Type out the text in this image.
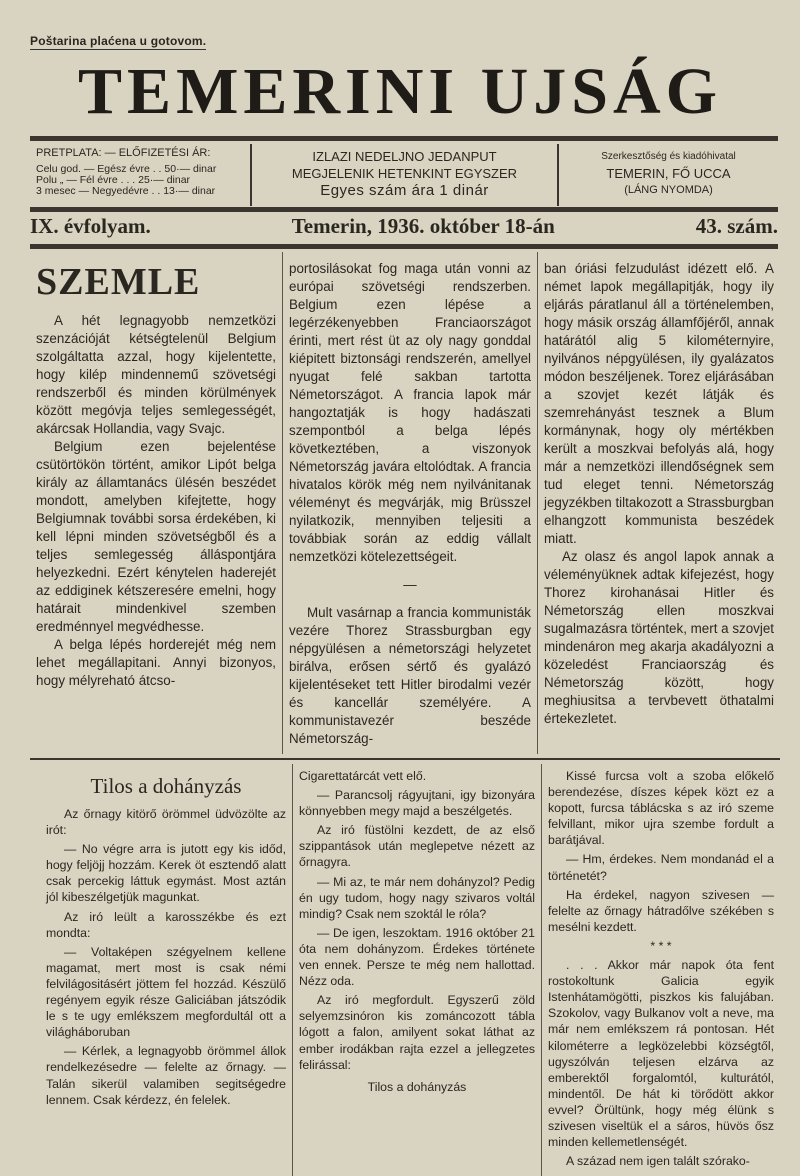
Poštarina plaćena u gotovom.
TEMERINI UJSÁG
PRETPLATA: — ELŐFIZETÉSI ÁR:
Celu god. — Egész évre . . 50·— dinar
Polu „ — Fél évre . . . 25·— dinar
3 mesec — Negyedévre . . 13·— dinar
IZLAZI NEDELJNO JEDANPUT
MEGJELENIK HETENKINT EGYSZER
Egyes szám ára 1 dinár
Szerkesztőség és kiadóhivatal
TEMERIN, FŐ UCCA
(LÁNG NYOMDA)
IX. évfolyam.	Temerin, 1936. október 18-án	43. szám.
SZEMLE

A hét legnagyobb nemzetközi szenzációját kétségtelenül Belgium szolgáltatta azzal, hogy kijelentette, hogy kilép mindennemű szövetségi rendszerből és minden körülmények között megóvja teljes semlegességét, akárcsak Hollandia, vagy Svajc.

Belgium ezen bejelentése csütörtökön történt, amikor Lipót belga király az államtanács ülésén beszédet mondott, amelyben kifejtette, hogy Belgiumnak további sorsa érdekében, ki kell lépni minden szövetségből és a teljes semlegesség álláspontjára helyezkedni. Ezért kénytelen haderejét az eddiginek kétszeresére emelni, hogy határait mindenkivel szemben eredménnyel megvédhesse.

A belga lépés horderejét még nem lehet megállapitani. Annyi bizonyos, hogy mélyreható átcso-

portosilásokat fog maga után vonni az európai szövetségi rendszerben. Belgium ezen lépése a legérzékenyebben Franciaországot érinti, mert rést üt az oly nagy gonddal kiépitett biztonsági rendszerén, amellyel nyugat felé sakban tartotta Németországot. A francia lapok már hangoztatják is hogy hadászati szempontból a belga lépés következtében, a viszonyok Németország javára eltolódtak. A francia hivatalos körök még nem nyilvánitanak véleményt és megvárják, mig Brüsszel nyilatkozik, mennyiben teljesiti a továbbiak során az eddig vállalt nemzetközi kötelezettségeit.

—

Mult vasárnap a francia kommunisták vezére Thorez Strassburgban egy népgyülésen a németországi helyzetet birálva, erősen sértő és gyalázó kijelentéseket tett Hitler birodalmi vezér és kancellár személyére. A kommunistavezér beszéde Németország-

ban óriási felzudulást idézett elő. A német lapok megállapitják, hogy ily eljárás páratlanul áll a történelemben, hogy másik ország államfőjéről, annak határától alig 5 kilométernyire, nyilvános népgyülésen, ily gyalázatos módon beszéljenek. Torez eljárásában a szovjet kezét látják és szemrehányást tesznek a Blum kormánynak, hogy oly mértékben került a moszkvai befolyás alá, hogy már a nemzetközi illendőségnek sem tud eleget tenni. Németország jegyzékben tiltakozott a Strassburgban elhangzott kommunista beszédek miatt.

Az olasz és angol lapok annak a véleményüknek adtak kifejezést, hogy Thorez kirohanásai Hitler és Németország ellen moszkvai sugalmazásra történtek, mert a szovjet mindenáron meg akarja akadályozni a közeledést Franciaország és Németország között, hogy meghiusitsa a tervbevett öthatalmi értekezletet.

Tilos a dohányzás

Az őrnagy kitörő örömmel üdvözölte az irót:

— No végre arra is jutott egy kis időd, hogy feljöjj hozzám. Kerek öt esztendő alatt csak percekig láttuk egymást. Most aztán jól kibeszélgetjük magunkat.

Az iró leült a karosszékbe és ezt mondta:

— Voltaképen szégyelnem kellene magamat, mert most is csak némi felvilágositásért jöttem fel hozzád. Készülő regényem egyik része Galiciában játszódik le s te ugy emlékszem megfordultál ott a világháboruban

— Kérlek, a legnagyobb örömmel állok rendelkezésedre — felelte az őrnagy. — Talán sikerül valamiben segitségedre lennem. Csak kérdezz, én felelek.

Cigarettatárcát vett elő.

— Parancsolj rágyujtani, igy bizonyára könnyebben megy majd a beszélgetés.

Az iró füstölni kezdett, de az első szippantások után meglepetve nézett az őrnagyra.

— Mi az, te már nem dohányzol? Pedig én ugy tudom, hogy nagy szivaros voltál mindig? Csak nem szoktál le róla?

— De igen, leszoktam. 1916 október 21 óta nem dohányzom. Érdekes története ven ennek. Persze te még nem hallottad. Nézz oda.

Az iró megfordult. Egyszerű zöld selyemzsinóron kis zománcozott tábla lógott a falon, amilyent sokat láthat az ember irodákban rajta ezzel a jellegzetes felirással:

Tilos a dohányzás

Kissé furcsa volt a szoba előkelő berendezése, díszes képek közt ez a kopott, furcsa táblácska s az iró szeme felvillant, mikor ujra szembe fordult a barátjával.

— Hm, érdekes. Nem mondanád el a történetét?

Ha érdekel, nagyon szivesen — felelte az őrnagy hátradőlve székében s mesélni kezdett.

* * *

. . . Akkor már napok óta fent rostokoltunk Galicia egyik Istenhátamögötti, piszkos kis falujában. Szokolov, vagy Bulkanov volt a neve, ma már nem emlékszem rá pontosan. Hét kilométerre a legközelebbi községtől, ugyszólván teljesen elzárva az emberektől forgalomtól, kulturától, mindentől. De hát ki törődött akkor evvel? Örültünk, hogy még élünk s szivesen viseltük el a sáros, hüvös ősz minden kellemetlenségét.

A század nem igen talált szórako-
